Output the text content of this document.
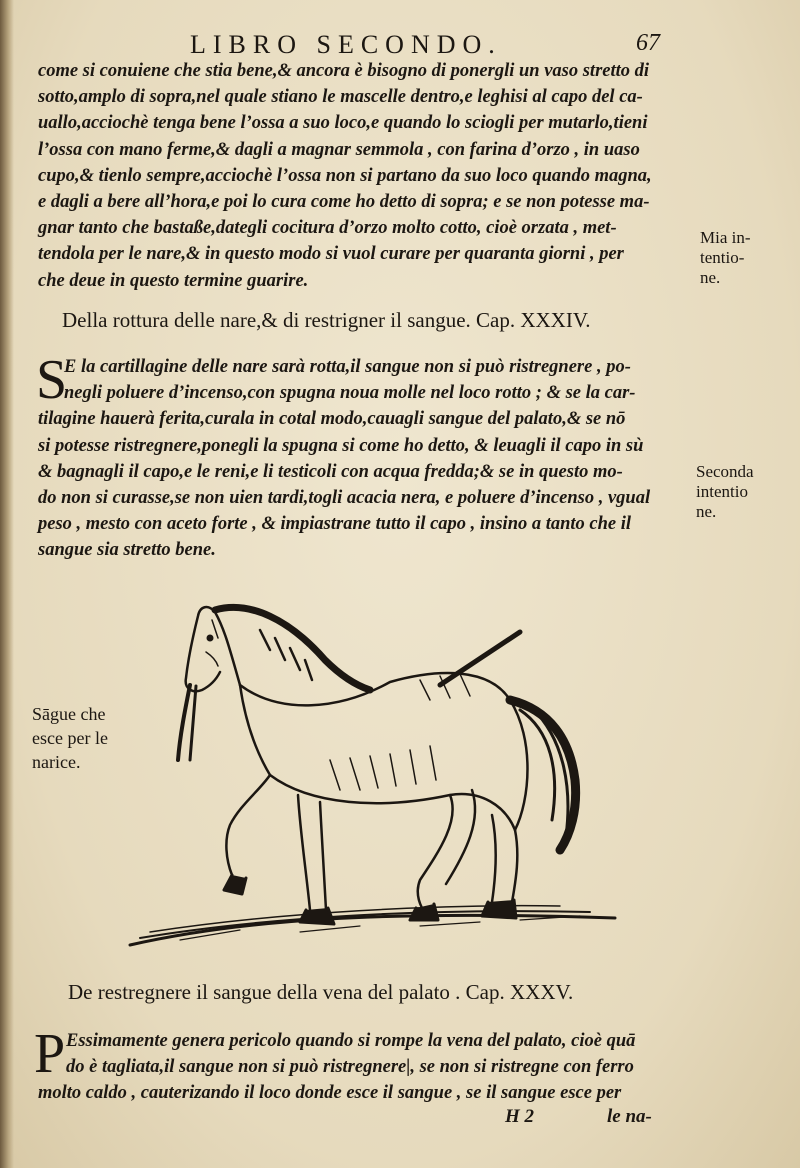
LIBRO SECONDO.	67

come si conuiene che stia bene,& ancora è bisogno di ponergli un vaso stretto di

sotto,amplo di sopra,nel quale stiano le mascelle dentro,e leghisi al capo del ca-

uallo,acciochè tenga bene l’ossa a suo loco,e quando lo sciogli per mutarlo,tieni

l’ossa con mano ferme,& dagli a magnar semmola , con farina d’orzo , in uaso

cupo,& tienlo sempre,acciochè l’ossa non si partano da suo loco quando magna,

e dagli a bere all’hora,e poi lo cura come ho detto di sopra; e se non potesse ma-

gnar tanto che bastaße,dategli cocitura d’orzo molto cotto, cioè orzata , met-

tendola per le nare,& in questo modo si vuol curare per quaranta giorni , per

che deue in questo termine guarire.

Mia in-

tentio-

ne.

Della rottura delle nare,& di restrigner il sangue. Cap. XXXIV.
S

E la cartillagine delle nare sarà rotta,il sangue non si può ristregnere , po-

negli poluere d’incenso,con spugna noua molle nel loco rotto ; & se la car-

tilagine hauerà ferita,curala in cotal modo,cauagli sangue del palato,& se nō

si potesse ristregnere,ponegli la spugna si come ho detto, & leuagli il capo in sù

& bagnagli il capo,e le reni,e li testicoli con acqua fredda;& se in questo mo-

do non si curasse,se non uien tardi,togli acacia nera, e poluere d’incenso , vgual

peso , mesto con aceto forte , & impiastrane tutto il capo , insino a tanto che il

sangue sia stretto bene.

Seconda

intentio

ne.

Sāgue che

esce per le

narice.

De restregnere il sangue della vena del palato . Cap. XXXV.
P Essimamente genera pericolo quando si rompe la vena del palato, cioè quā

do è tagliata,il sangue non si può ristregnere|, se non si ristregne con ferro

molto caldo , cauterizando il loco donde esce il sangue , se il sangue esce per

H 2	le na-
